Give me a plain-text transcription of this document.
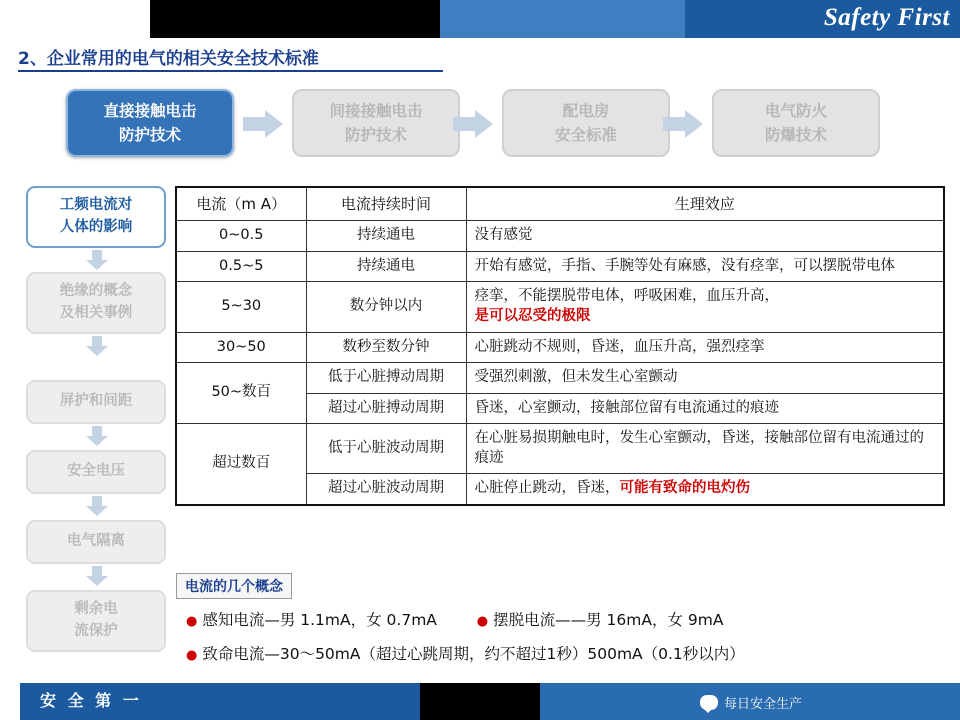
Safety First
2、企业常用的电气的相关安全技术标准
直接接触电击
防护技术
间接接触电击
防护技术
配电房
安全标准
电气防火
防爆技术
工频电流对
人体的影响
绝缘的概念
及相关事例
屏护和间距
安全电压
电气隔离
剩余电
流保护
电流（m A）	电流持续时间	生理效应
0~0.5	持续通电	没有感觉
0.5~5	持续通电	开始有感觉，手指、手腕等处有麻感，没有痉挛，可以摆脱带电体
5~30	数分钟以内	痉挛，不能摆脱带电体，呼吸困难，血压升高，
是可以忍受的极限
30~50	数秒至数分钟	心脏跳动不规则，昏迷，血压升高，强烈痉挛
50~数百	低于心脏搏动周期	受强烈刺激，但未发生心室颤动
	超过心脏搏动周期	昏迷，心室颤动，接触部位留有电流通过的痕迹
超过数百	低于心脏波动周期	在心脏易损期触电时，发生心室颤动，昏迷，接触部位留有电流通过的痕迹
	超过心脏波动周期	心脏停止跳动，昏迷，可能有致命的电灼伤
电流的几个概念
● 感知电流—男 1.1mA，女 0.7mA	● 摆脱电流——男 16mA，女 9mA
● 致命电流—30～50mA（超过心跳周期，约不超过1秒）500mA（0.1秒以内）
安 全 第 一	每日安全生产
